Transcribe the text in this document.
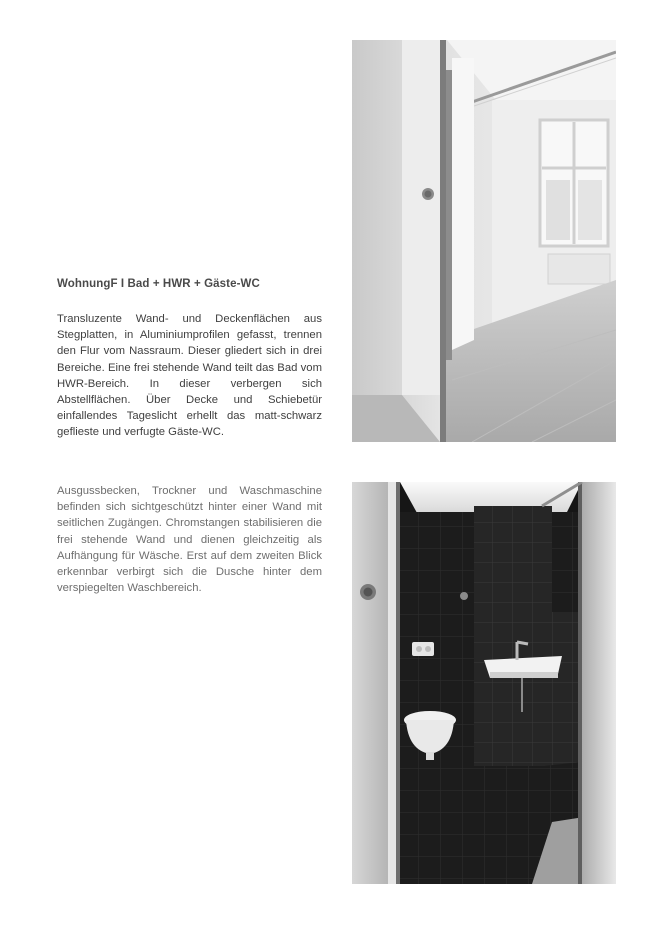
WohnungF I Bad + HWR + Gäste-WC
Transluzente Wand- und Deckenflächen aus Stegplatten, in Aluminiumprofilen gefasst, trennen den Flur vom Nassraum. Dieser gliedert sich in drei Bereiche. Eine frei stehende Wand teilt das Bad vom HWR-Bereich. In dieser verbergen sich Abstellflächen. Über Decke und Schiebetür einfallendes Tageslicht erhellt das matt-schwarz geflieste und verfugte Gäste-WC.
Ausgussbecken, Trockner und Waschmaschine befinden sich sichtgeschützt hinter einer Wand mit seitlichen Zugängen. Chromstangen stabilisieren die frei stehende Wand und dienen gleichzeitig als Aufhängung für Wäsche. Erst auf dem zweiten Blick erkennbar verbirgt sich die Dusche hinter dem verspiegelten Waschbereich.
